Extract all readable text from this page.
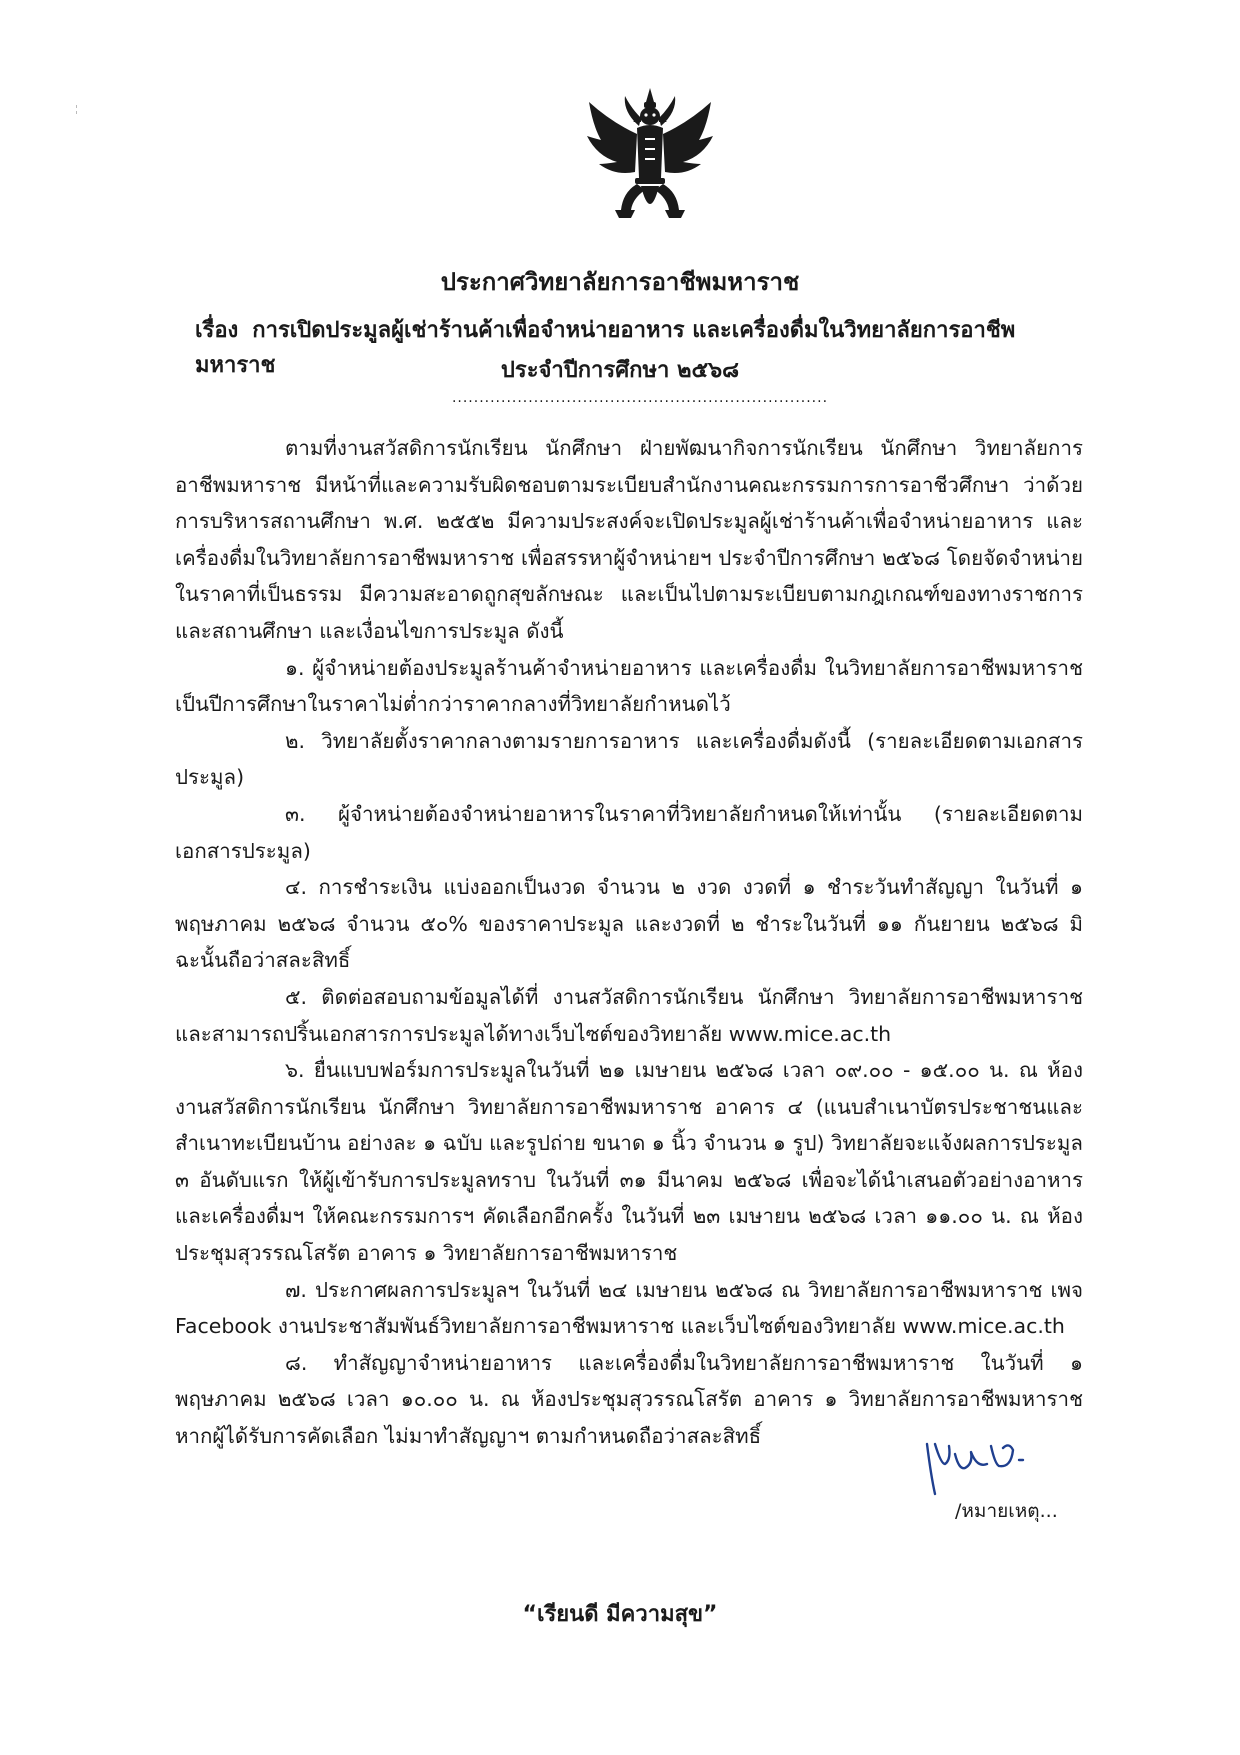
ประกาศวิทยาลัยการอาชีพมหาราช
เรื่อง การเปิดประมูลผู้เช่าร้านค้าเพื่อจำหน่ายอาหาร และเครื่องดื่มในวิทยาลัยการอาชีพมหาราช	ประจำปีการศึกษา ๒๕๖๘
.....................................................................

ตามที่งานสวัสดิการนักเรียน นักศึกษา ฝ่ายพัฒนากิจการนักเรียน นักศึกษา วิทยาลัยการอาชีพมหาราช มีหน้าที่และความรับผิดชอบตามระเบียบสำนักงานคณะกรรมการการอาชีวศึกษา ว่าด้วยการบริหารสถานศึกษา พ.ศ. ๒๕๕๒ มีความประสงค์จะเปิดประมูลผู้เช่าร้านค้าเพื่อจำหน่ายอาหาร และเครื่องดื่มในวิทยาลัยการอาชีพมหาราช เพื่อสรรหาผู้จำหน่ายฯ ประจำปีการศึกษา ๒๕๖๘ โดยจัดจำหน่ายในราคาที่เป็นธรรม มีความสะอาดถูกสุขลักษณะ และเป็นไปตามระเบียบตามกฎเกณฑ์ของทางราชการและสถานศึกษา และเงื่อนไขการประมูล ดังนี้

๑. ผู้จำหน่ายต้องประมูลร้านค้าจำหน่ายอาหาร และเครื่องดื่ม ในวิทยาลัยการอาชีพมหาราช เป็นปีการศึกษาในราคาไม่ต่ำกว่าราคากลางที่วิทยาลัยกำหนดไว้

๒. วิทยาลัยตั้งราคากลางตามรายการอาหาร และเครื่องดื่มดังนี้ (รายละเอียดตามเอกสารประมูล)

๓. ผู้จำหน่ายต้องจำหน่ายอาหารในราคาที่วิทยาลัยกำหนดให้เท่านั้น (รายละเอียดตามเอกสารประมูล)

๔. การชำระเงิน แบ่งออกเป็นงวด จำนวน ๒ งวด งวดที่ ๑ ชำระวันทำสัญญา ในวันที่ ๑ พฤษภาคม ๒๕๖๘ จำนวน ๕๐% ของราคาประมูล และงวดที่ ๒ ชำระในวันที่ ๑๑ กันยายน ๒๕๖๘ มิฉะนั้นถือว่าสละสิทธิ์

๕. ติดต่อสอบถามข้อมูลได้ที่ งานสวัสดิการนักเรียน นักศึกษา วิทยาลัยการอาชีพมหาราช และสามารถปริ้นเอกสารการประมูลได้ทางเว็บไซต์ของวิทยาลัย www.mice.ac.th

๖. ยื่นแบบฟอร์มการประมูลในวันที่ ๒๑ เมษายน ๒๕๖๘ เวลา ๐๙.๐๐ - ๑๕.๐๐ น. ณ ห้องงานสวัสดิการนักเรียน นักศึกษา วิทยาลัยการอาชีพมหาราช อาคาร ๔ (แนบสำเนาบัตรประชาชนและสำเนาทะเบียนบ้าน อย่างละ ๑ ฉบับ และรูปถ่าย ขนาด ๑ นิ้ว จำนวน ๑ รูป) วิทยาลัยจะแจ้งผลการประมูล ๓ อันดับแรก ให้ผู้เข้ารับการประมูลทราบ ในวันที่ ๓๑ มีนาคม ๒๕๖๘ เพื่อจะได้นำเสนอตัวอย่างอาหาร และเครื่องดื่มฯ ให้คณะกรรมการฯ คัดเลือกอีกครั้ง ในวันที่ ๒๓ เมษายน ๒๕๖๘ เวลา ๑๑.๐๐ น. ณ ห้องประชุมสุวรรณโสรัต อาคาร ๑ วิทยาลัยการอาชีพมหาราช

๗. ประกาศผลการประมูลฯ ในวันที่ ๒๔ เมษายน ๒๕๖๘ ณ วิทยาลัยการอาชีพมหาราช เพจ Facebook งานประชาสัมพันธ์วิทยาลัยการอาชีพมหาราช และเว็บไซต์ของวิทยาลัย www.mice.ac.th

๘. ทำสัญญาจำหน่ายอาหาร และเครื่องดื่มในวิทยาลัยการอาชีพมหาราช ในวันที่ ๑ พฤษภาคม ๒๕๖๘ เวลา ๑๐.๐๐ น. ณ ห้องประชุมสุวรรณโสรัต อาคาร ๑ วิทยาลัยการอาชีพมหาราช หากผู้ได้รับการคัดเลือก ไม่มาทำสัญญาฯ ตามกำหนดถือว่าสละสิทธิ์

/หมายเหตุ...
“เรียนดี มีความสุข”
